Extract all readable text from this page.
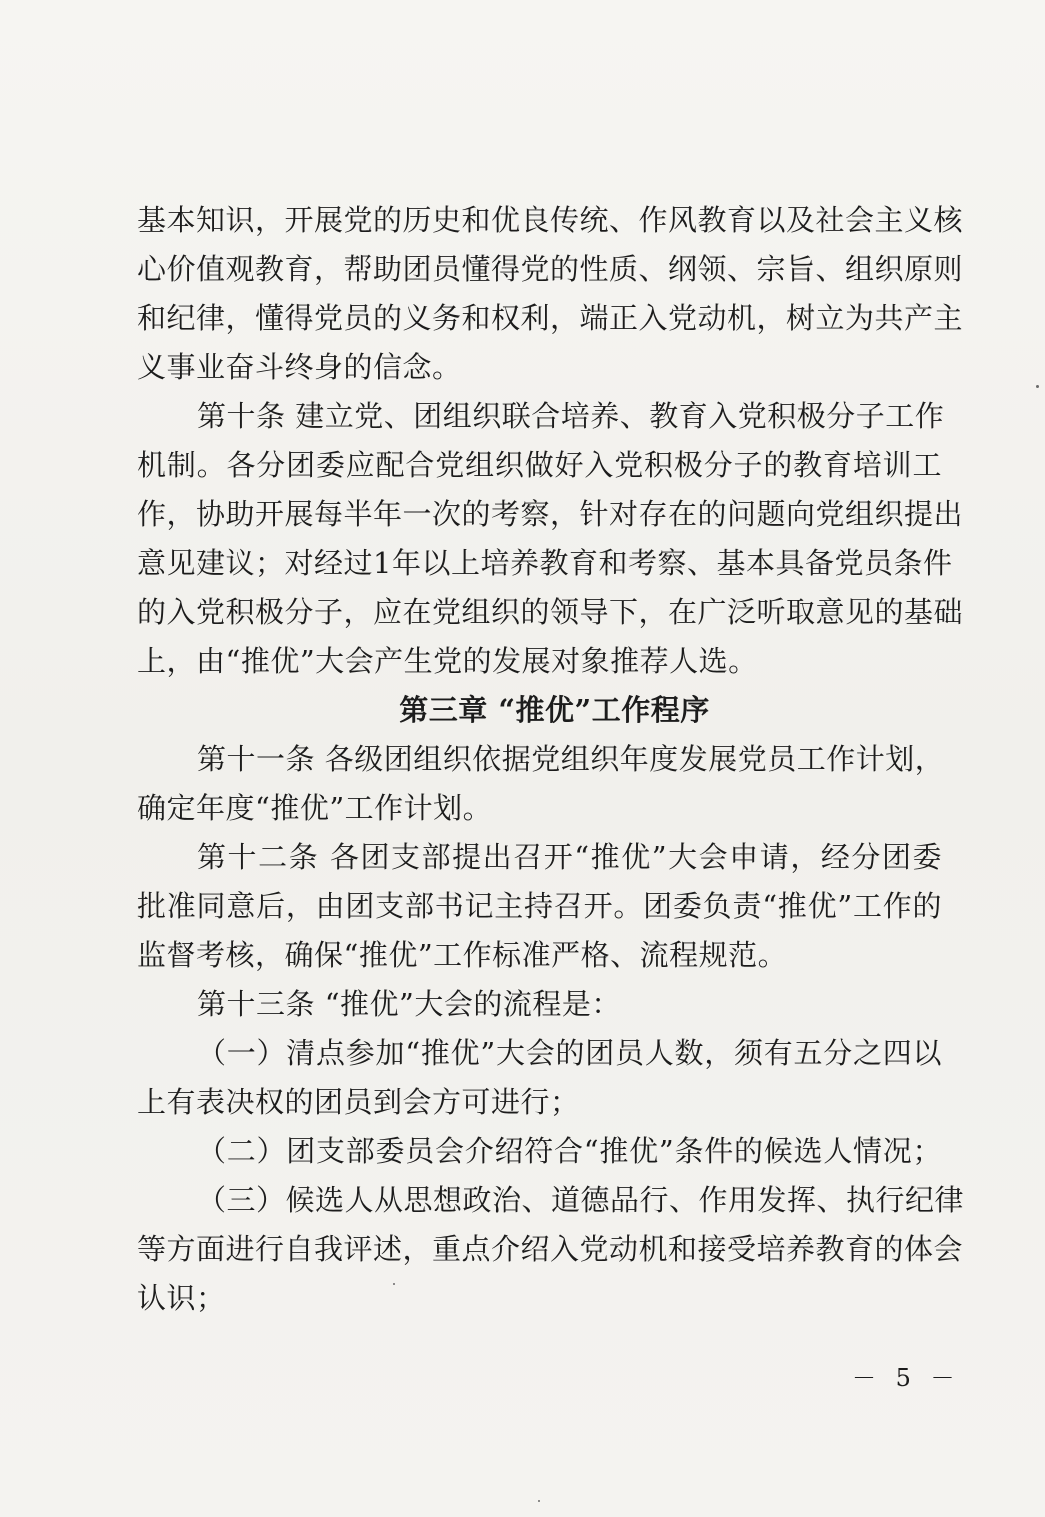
基本知识，开展党的历史和优良传统、作风教育以及社会主义核
心价值观教育，帮助团员懂得党的性质、纲领、宗旨、组织原则
和纪律，懂得党员的义务和权利，端正入党动机，树立为共产主
义事业奋斗终身的信念。
第十条 建立党、团组织联合培养、教育入党积极分子工作
机制。各分团委应配合党组织做好入党积极分子的教育培训工
作，协助开展每半年一次的考察，针对存在的问题向党组织提出
意见建议；对经过1年以上培养教育和考察、基本具备党员条件
的入党积极分子，应在党组织的领导下，在广泛听取意见的基础
上，由“推优”大会产生党的发展对象推荐人选。
第三章 “推优”工作程序
第十一条 各级团组织依据党组织年度发展党员工作计划，
确定年度“推优”工作计划。
第十二条 各团支部提出召开“推优”大会申请，经分团委
批准同意后，由团支部书记主持召开。团委负责“推优”工作的
监督考核，确保“推优”工作标准严格、流程规范。
第十三条 “推优”大会的流程是：
（一）清点参加“推优”大会的团员人数，须有五分之四以
上有表决权的团员到会方可进行；
（二）团支部委员会介绍符合“推优”条件的候选人情况；
（三）候选人从思想政治、道德品行、作用发挥、执行纪律
等方面进行自我评述，重点介绍入党动机和接受培养教育的体会
认识；
－ 5 －
